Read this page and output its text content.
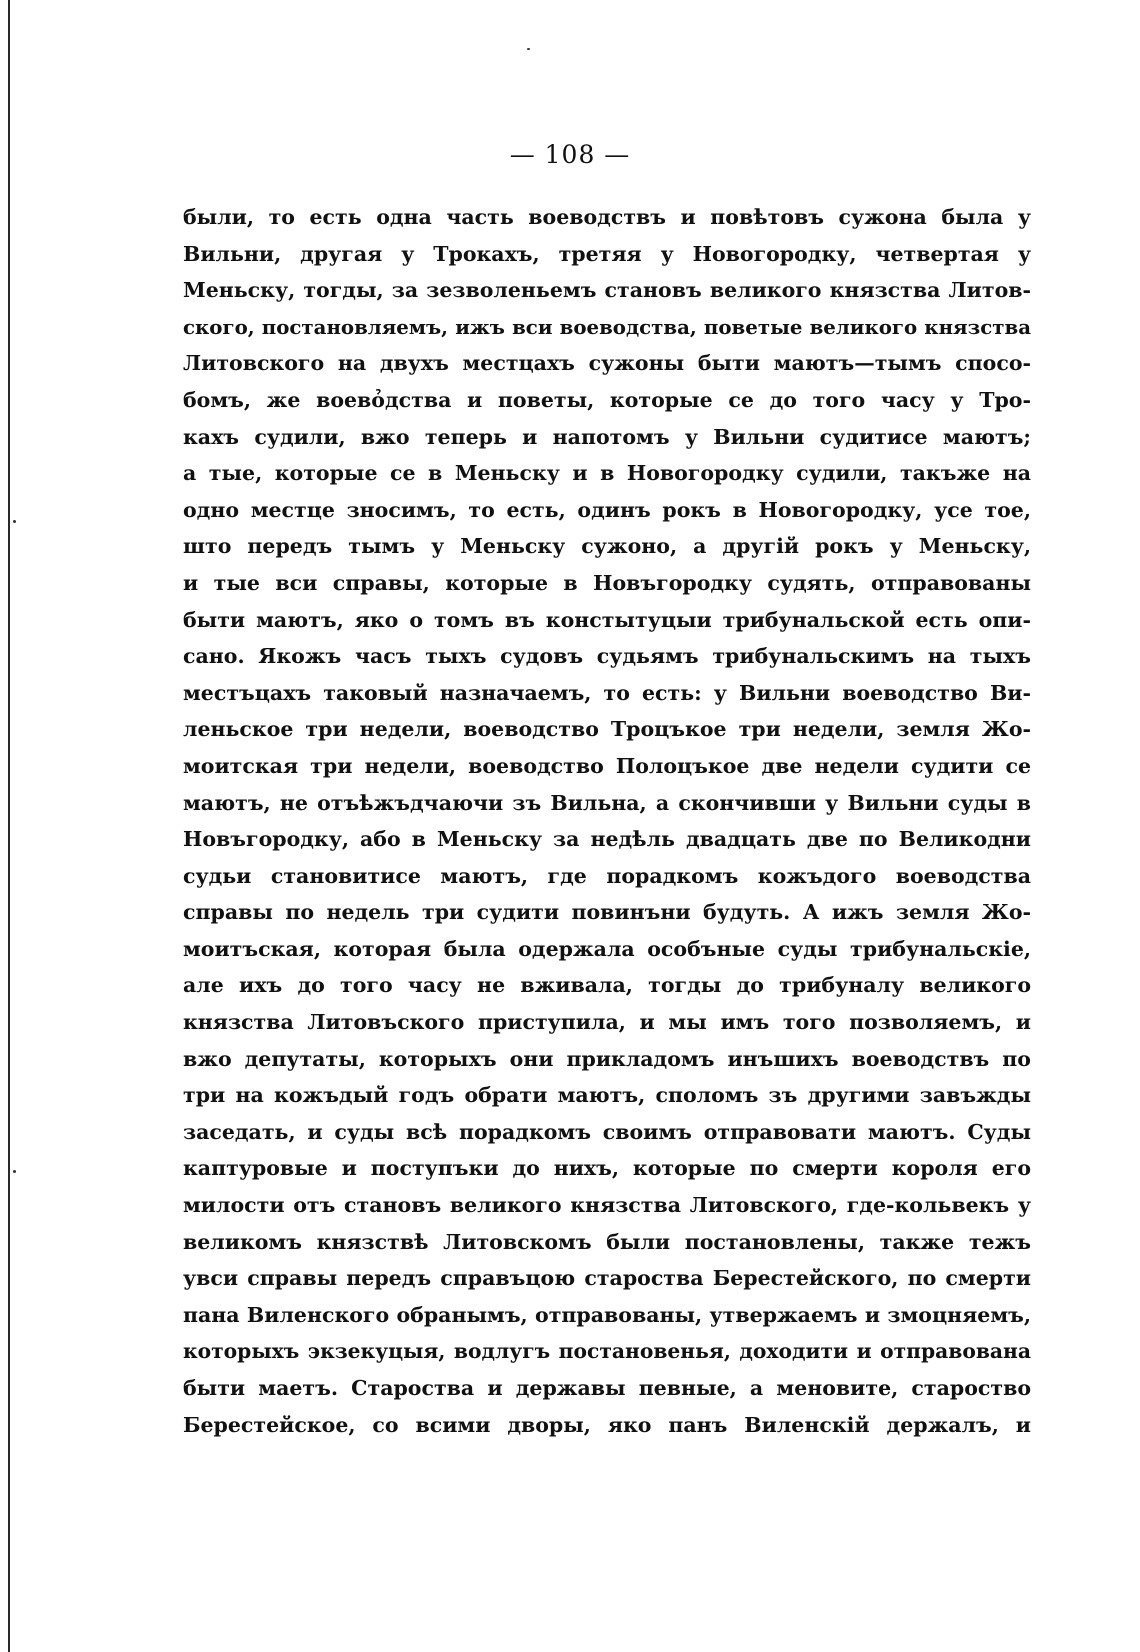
— 108 —
были, то есть одна часть воеводствъ и повѣтовъ сужона была у
Вильни, другая у Трокахъ, третяя у Новогородку, четвертая у
Меньску, тогды, за зезволеньемъ становъ великого князства Литов-
ского, постановляемъ, ижъ вси воеводства, поветые великого князства
Литовского на двухъ местцахъ сужоны быти маютъ—тымъ спосо-
бомъ, же воевỏдства и поветы, которые се до того часу у Тро-
кахъ судили, вжо теперь и напотомъ у Вильни судитисе маютъ;
а тые, которые се в Меньску и в Новогородку судили, такъже на
одно местце зносимъ, то есть, одинъ рокъ в Новогородку, усе тое,
што передъ тымъ у Меньску сужоно, а другій рокъ у Меньску,
и тые вси справы, которые в Новъгородку судять, отправованы
быти маютъ, яко о томъ въ констытуцыи трибунальской есть опи-
сано. Якожъ часъ тыхъ судовъ судьямъ трибунальскимъ на тыхъ
местъцахъ таковый назначаемъ, то есть: у Вильни воеводство Ви-
леньское три недели, воеводство Троцъкое три недели, земля Жо-
моитская три недели, воеводство Полоцъкое две недели судити се
маютъ, не отъѣжъдчаючи зъ Вильна, а скончивши у Вильни суды в
Новъгородку, або в Меньску за недѣль двадцать две по Великодни
судьи становитисе маютъ, где порадкомъ кожъдого воеводства
справы по недель три судити повинъни будуть. А ижъ земля Жо-
моитъская, которая была одержала особъные суды трибунальскіе,
але ихъ до того часу не вживала, тогды до трибуналу великого
князства Литовъского приступила, и мы имъ того позволяемъ, и
вжо депутаты, которыхъ они прикладомъ инъшихъ воеводствъ по
три на кожъдый годъ обрати маютъ, споломъ зъ другими завъжды
заседать, и суды всѣ порадкомъ своимъ отправовати маютъ. Суды
каптуровые и поступъки до нихъ, которые по смерти короля его
милости отъ становъ великого князства Литовского, где-кольвекъ у
великомъ князствѣ Литовскомъ были постановлены, также тежъ
увси справы передъ справъцою староства Берестейского, по смерти
пана Виленского обранымъ, отправованы, утвержаемъ и змоцняемъ,
которыхъ экзекуцыя, водлугъ постановенья, доходити и отправована
быти маетъ. Староства и державы певные, а меновите, староство
Берестейское, со всими дворы, яко панъ Виленскій держалъ, и
